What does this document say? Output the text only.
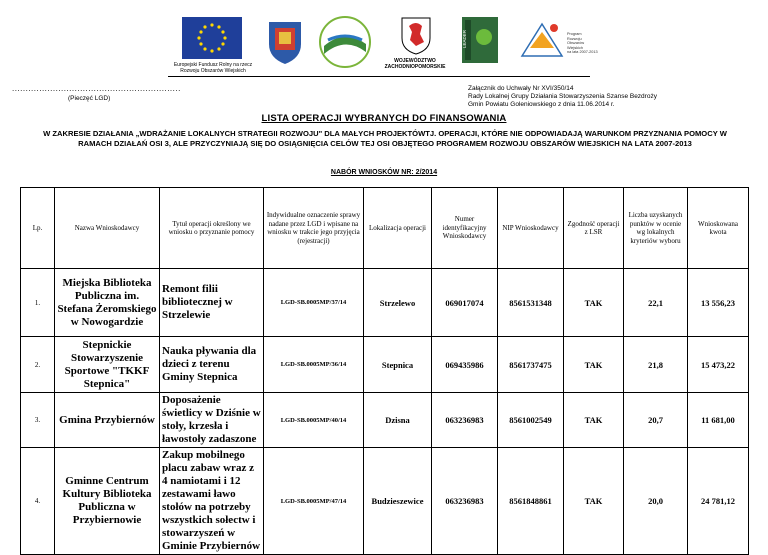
Europejski Fundusz Rolny na rzecz Rozwoju Obszarów Wiejskich
WOJEWÓDZTWO ZACHODNIOPOMORSKIE
LEADER	Program
Rozwoju
Obszarów
Wiejskich
na lata 2007-2013
..............................................................
(Pieczęć LGD)
Załącznik do Uchwały Nr XVI/350/14
Rady Lokalnej Grupy Działania Stowarzyszenia Szanse Bezdroży
Gmin Powiatu Goleniowskiego z dnia 11.06.2014 r.
LISTA OPERACJI WYBRANYCH DO FINANSOWANIA
W ZAKRESIE DZIAŁANIA „WDRAŻANIE LOKALNYCH STRATEGII ROZWOJU" DLA MAŁYCH PROJEKTÓWTJ. OPERACJI, KTÓRE NIE ODPOWIADAJĄ WARUNKOM PRZYZNANIA POMOCY W RAMACH DZIAŁAŃ OSI 3, ALE PRZYCZYNIAJĄ SIĘ DO OSIĄGNIĘCIA CELÓW TEJ OSI OBJĘTEGO PROGRAMEM ROZWOJU OBSZARÓW WIEJSKICH NA LATA 2007-2013
NABÓR WNIOSKÓW NR: 2/2014
Lp.	Nazwa Wnioskodawcy	Tytuł operacji określony we wniosku o przyznanie pomocy	Indywidualne oznaczenie sprawy nadane przez LGD i wpisane na wniosku w trakcie jego przyjęcia (rejestracji)	Lokalizacja operacji	Numer identyfikacyjny Wnioskodawcy	NIP Wnioskodawcy	Zgodność operacji z LSR	Liczba uzyskanych punktów w ocenie wg lokalnych kryteriów wyboru	Wnioskowana kwota
1.	Miejska Biblioteka Publiczna im. Stefana Żeromskiego w Nowogardzie	Remont filii bibliotecznej w Strzelewie	LGD-SB.0005MP/37/14	Strzelewo	069017074	8561531348	TAK	22,1	13 556,23
2.	Stepnickie Stowarzyszenie Sportowe "TKKF Stepnica"	Nauka pływania dla dzieci z terenu Gminy Stepnica	LGD-SB.0005MP/36/14	Stepnica	069435986	8561737475	TAK	21,8	15 473,22
3.	Gmina Przybiernów	Doposażenie świetlicy w Dziśnie w stoły, krzesła i ławostoły zadaszone	LGD-SB.0005MP/40/14	Dzisna	063236983	8561002549	TAK	20,7	11 681,00
4.	Gminne Centrum Kultury Biblioteka Publiczna w Przybiernowie	Zakup mobilnego placu zabaw wraz z 4 namiotami i 12 zestawami ławo stołów na potrzeby wszystkich sołectw i stowarzyszeń w Gminie Przybiernów	LGD-SB.0005MP/47/14	Budzieszewice	063236983	8561848861	TAK	20,0	24 781,12
